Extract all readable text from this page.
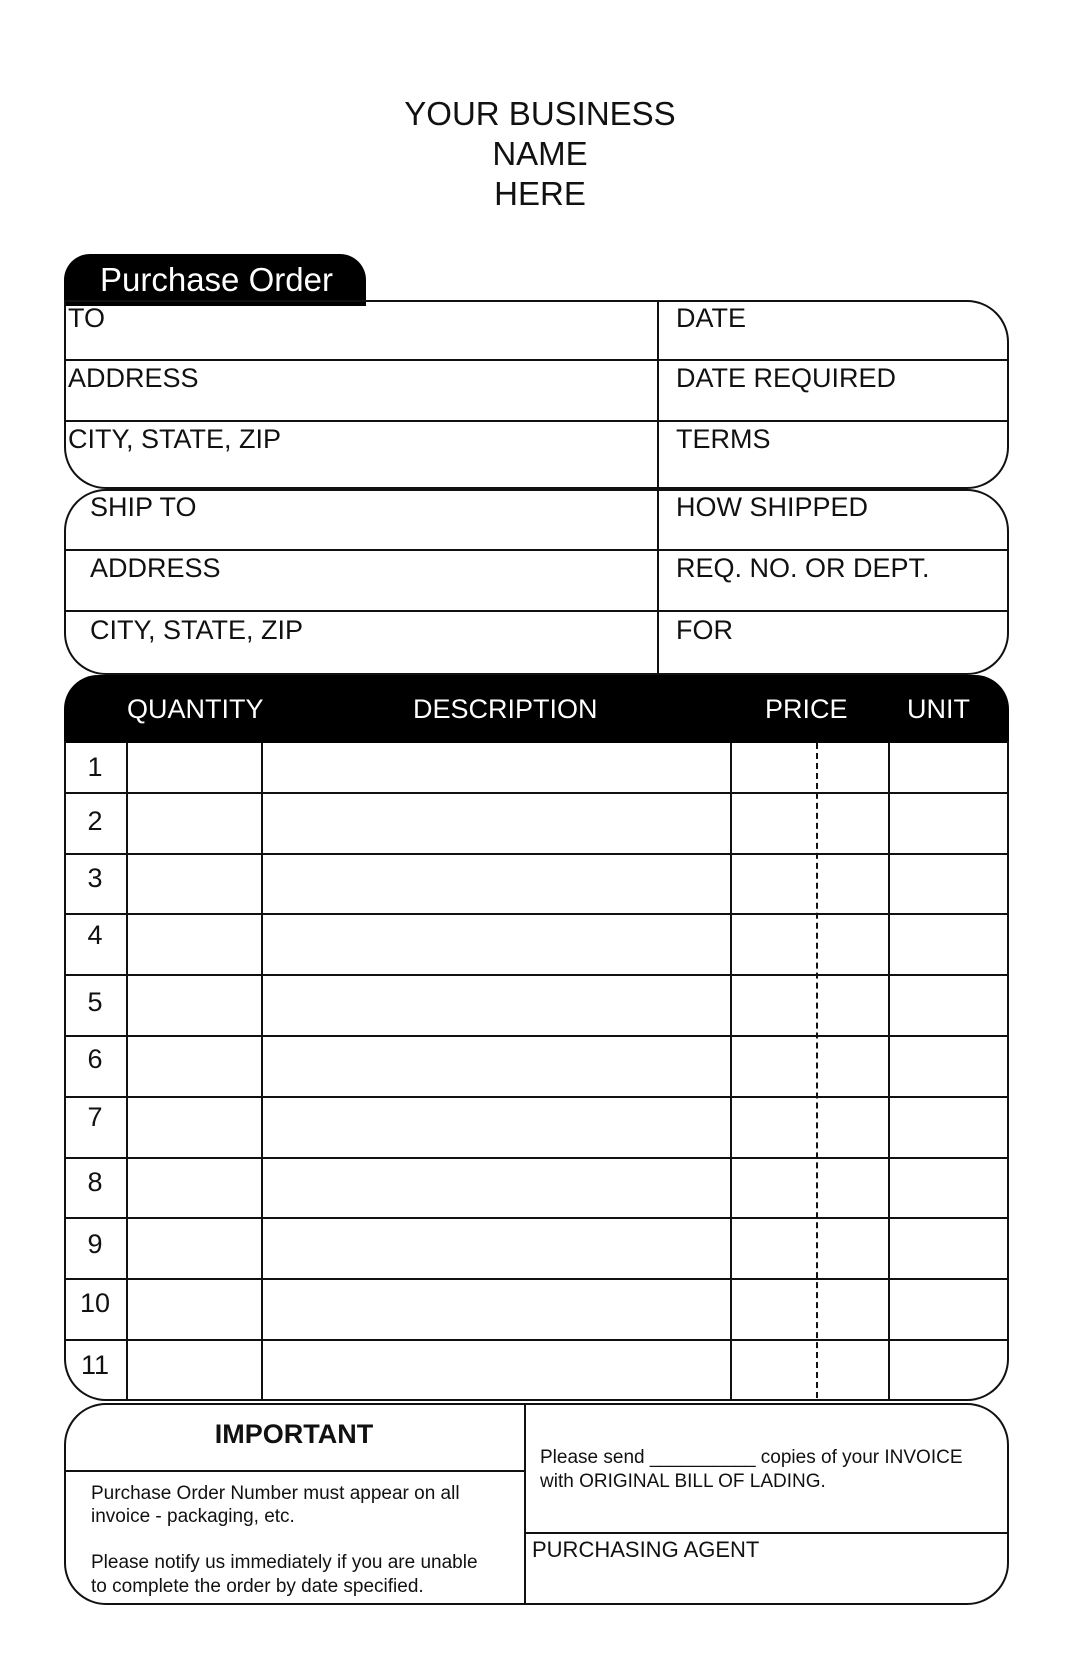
YOUR BUSINESS
NAME
HERE
Purchase Order
TO
ADDRESS
CITY, STATE, ZIP
DATE
DATE REQUIRED
TERMS
SHIP TO
ADDRESS
CITY, STATE, ZIP
HOW SHIPPED
REQ. NO. OR DEPT.
FOR
QUANTITY	DESCRIPTION	PRICE UNIT
1
2
3
4
5
6
7
8
9
10
11
IMPORTANT
Purchase Order Number must appear on all
invoice - packaging, etc.
Please notify us immediately if you are unable
to complete the order by date specified.
Please send __________ copies of your INVOICE
with ORIGINAL BILL OF LADING.
PURCHASING AGENT
